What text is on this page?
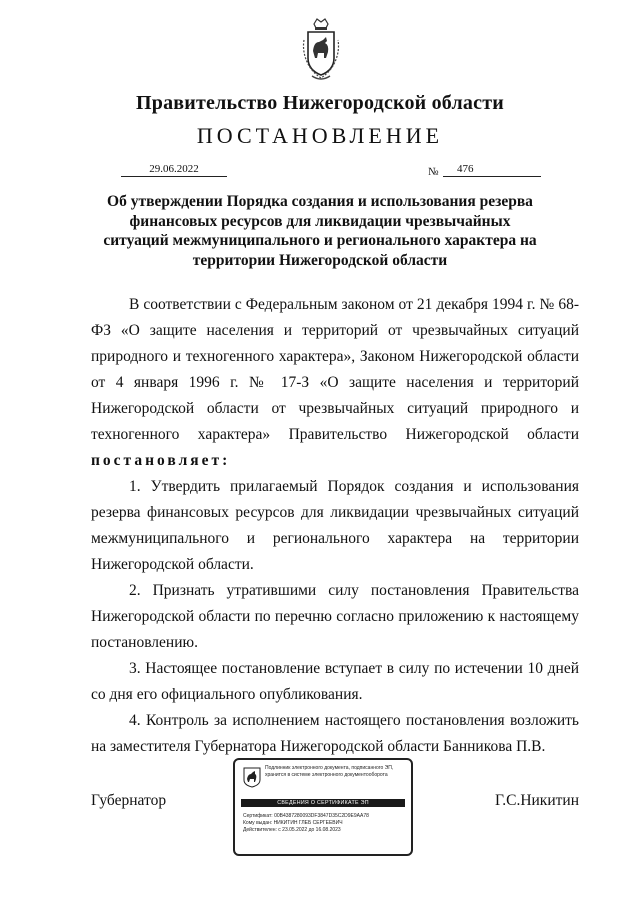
Правительство Нижегородской области
ПОСТАНОВЛЕНИЕ
29.06.2022	№	476
Об утверждении Порядка создания и использования резерва финансовых ресурсов для ликвидации чрезвычайных ситуаций межмуниципального и регионального характера на территории Нижегородской области

В соответствии с Федеральным законом от 21 декабря 1994 г. № 68-ФЗ «О защите населения и территорий от чрезвычайных ситуаций природного и техногенного характера», Законом Нижегородской области от 4 января 1996 г. № 17-З «О защите населения и территорий Нижегородской области от чрезвычайных ситуаций природного и техногенного характера» Правительство Нижегородской области постановляет:

1. Утвердить прилагаемый Порядок создания и использования резерва финансовых ресурсов для ликвидации чрезвычайных ситуаций межмуниципального и регионального характера на территории Нижегородской области.

2. Признать утратившими силу постановления Правительства Нижегородской области по перечню согласно приложению к настоящему постановлению.

3. Настоящее постановление вступает в силу по истечении 10 дней со дня его официального опубликования.

4. Контроль за исполнением настоящего постановления возложить на заместителя Губернатора Нижегородской области Банникова П.В.

Губернатор	Г.С.Никитин
Подлинник электронного документа, подписанного ЭП, хранится в системе электронного документооборота
СВЕДЕНИЯ О СЕРТИФИКАТЕ ЭП
Сертификат: 00B4387280093DF3847D35C2D9E9AA78
Кому выдан: НИКИТИН ГЛЕБ СЕРГЕЕВИЧ
Действителен: с 23.05.2022 до 16.08.2023
